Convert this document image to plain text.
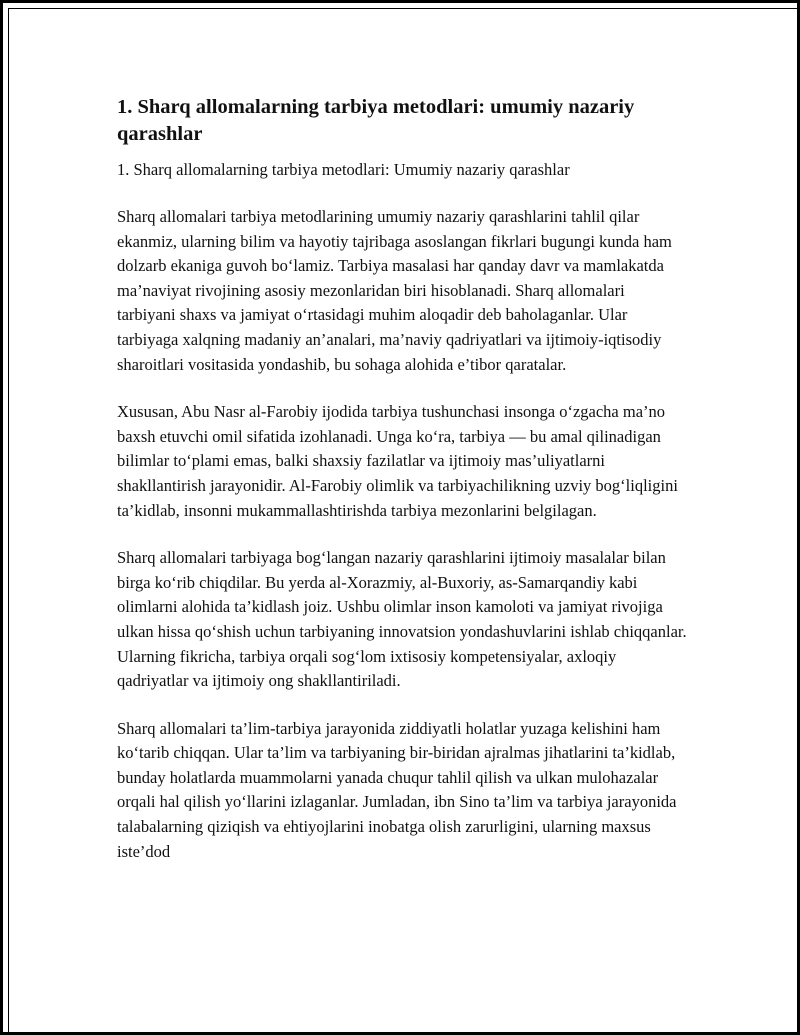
1. Sharq allomalarning tarbiya metodlari: umumiy nazariy qarashlar

1. Sharq allomalarning tarbiya metodlari: Umumiy nazariy qarashlar

Sharq allomalari tarbiya metodlarining umumiy nazariy qarashlarini tahlil qilar ekanmiz, ularning bilim va hayotiy tajribaga asoslangan fikrlari bugungi kunda ham dolzarb ekaniga guvoh bo‘lamiz. Tarbiya masalasi har qanday davr va mamlakatda ma’naviyat rivojining asosiy mezonlaridan biri hisoblanadi. Sharq allomalari tarbiyani shaxs va jamiyat o‘rtasidagi muhim aloqadir deb baholaganlar. Ular tarbiyaga xalqning madaniy an’analari, ma’naviy qadriyatlari va ijtimoiy-iqtisodiy sharoitlari vositasida yondashib, bu sohaga alohida e’tibor qaratalar.

Xususan, Abu Nasr al-Farobiy ijodida tarbiya tushunchasi insonga o‘zgacha ma’no baxsh etuvchi omil sifatida izohlanadi. Unga ko‘ra, tarbiya — bu amal qilinadigan bilimlar to‘plami emas, balki shaxsiy fazilatlar va ijtimoiy mas’uliyatlarni shakllantirish jarayonidir. Al-Farobiy olimlik va tarbiyachilikning uzviy bog‘liqligini ta’kidlab, insonni mukammallashtirishda tarbiya mezonlarini belgilagan.

Sharq allomalari tarbiyaga bog‘langan nazariy qarashlarini ijtimoiy masalalar bilan birga ko‘rib chiqdilar. Bu yerda al-Xorazmiy, al-Buxoriy, as-Samarqandiy kabi olimlarni alohida ta’kidlash joiz. Ushbu olimlar inson kamoloti va jamiyat rivojiga ulkan hissa qo‘shish uchun tarbiyaning innovatsion yondashuvlarini ishlab chiqqanlar. Ularning fikricha, tarbiya orqali sog‘lom ixtisosiy kompetensiyalar, axloqiy qadriyatlar va ijtimoiy ong shakllantiriladi.

Sharq allomalari ta’lim-tarbiya jarayonida ziddiyatli holatlar yuzaga kelishini ham ko‘tarib chiqqan. Ular ta’lim va tarbiyaning bir-biridan ajralmas jihatlarini ta’kidlab, bunday holatlarda muammolarni yanada chuqur tahlil qilish va ulkan mulohazalar orqali hal qilish yo‘llarini izlaganlar. Jumladan, ibn Sino ta’lim va tarbiya jarayonida talabalarning qiziqish va ehtiyojlarini inobatga olish zarurligini, ularning maxsus iste’dod
